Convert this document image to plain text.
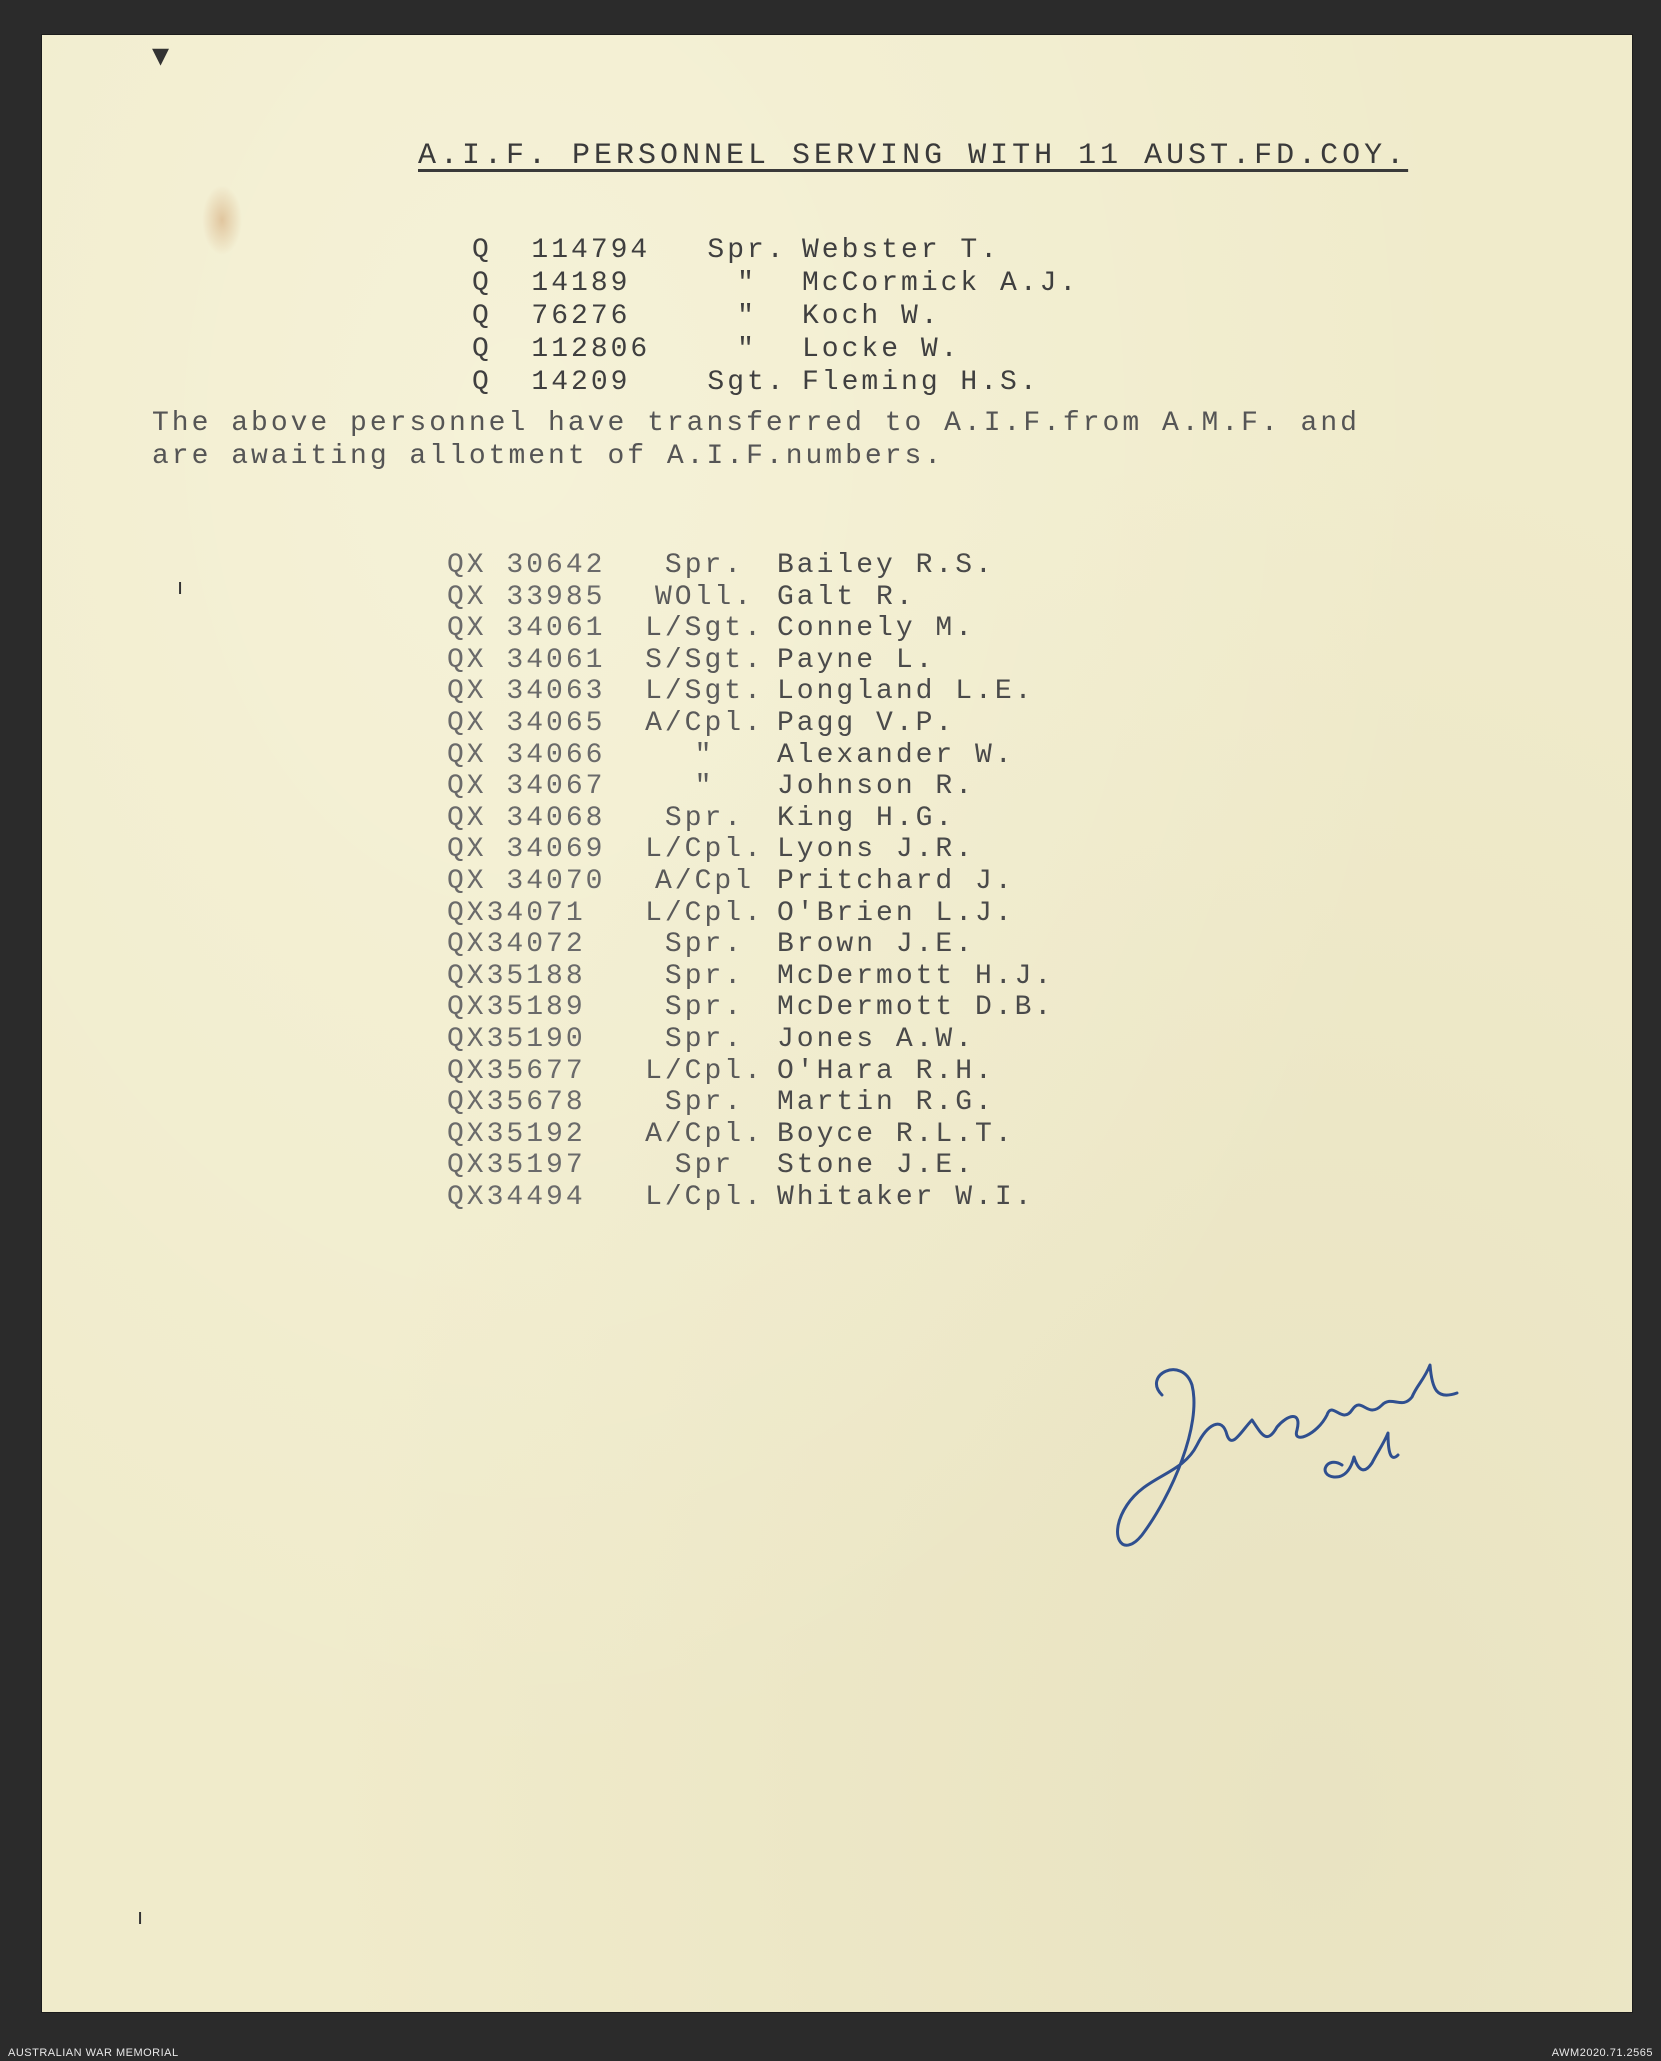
▾
ı
ı
A.I.F. PERSONNEL SERVING WITH 11 AUST.FD.COY.
Q  114794	Spr. Webster T.
Q  14189	"	McCormick A.J.
Q  76276	"	Koch W.
Q  112806	"	Locke W.
Q  14209	Sgt. Fleming H.S.
The above personnel have transferred to A.I.F.from A.M.F. and are awaiting allotment of A.I.F.numbers.
QX 30642	Spr.	Bailey R.S.
QX 33985	WOll. Galt R.
QX 34061	L/Sgt. Connely M.
QX 34061	S/Sgt. Payne L.
QX 34063	L/Sgt. Longland L.E.
QX 34065	A/Cpl. Pagg V.P.
QX 34066	"	Alexander W.
QX 34067	"	Johnson R.
QX 34068	Spr.	King H.G.
QX 34069	L/Cpl. Lyons J.R.
QX 34070	A/Cpl Pritchard J.
QX34071	L/Cpl. O'Brien L.J.
QX34072	Spr.	Brown J.E.
QX35188	Spr.	McDermott H.J.
QX35189	Spr.	McDermott D.B.
QX35190	Spr.	Jones A.W.
QX35677	L/Cpl. O'Hara R.H.
QX35678	Spr.	Martin R.G.
QX35192	A/Cpl. Boyce R.L.T.
QX35197	Spr	Stone J.E.
QX34494	L/Cpl. Whitaker W.I.
AUSTRALIAN WAR MEMORIAL	AWM2020.71.2565
